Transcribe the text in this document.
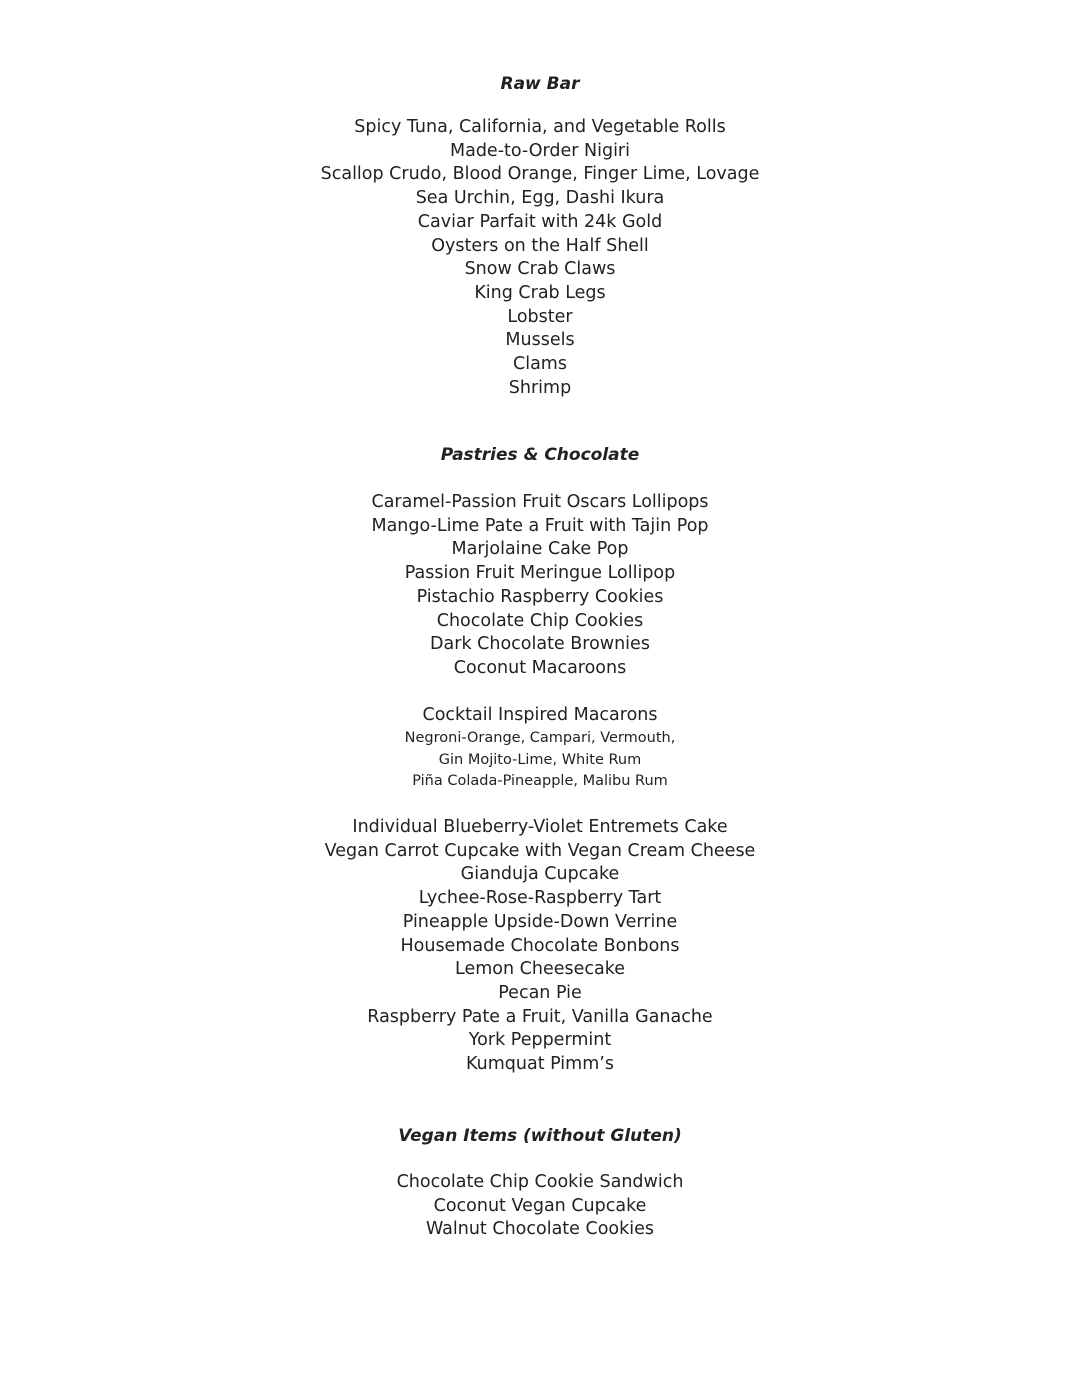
Raw Bar
Spicy Tuna, California, and Vegetable Rolls
Made-to-Order Nigiri
Scallop Crudo, Blood Orange, Finger Lime, Lovage
Sea Urchin, Egg, Dashi Ikura
Caviar Parfait with 24k Gold
Oysters on the Half Shell
Snow Crab Claws
King Crab Legs
Lobster
Mussels
Clams
Shrimp
Pastries & Chocolate
Caramel-Passion Fruit Oscars Lollipops
Mango-Lime Pate a Fruit with Tajin Pop
Marjolaine Cake Pop
Passion Fruit Meringue Lollipop
Pistachio Raspberry Cookies
Chocolate Chip Cookies
Dark Chocolate Brownies
Coconut Macaroons
Cocktail Inspired Macarons
Negroni-Orange, Campari, Vermouth,
Gin Mojito-Lime, White Rum
Piña Colada-Pineapple, Malibu Rum
Individual Blueberry-Violet Entremets Cake
Vegan Carrot Cupcake with Vegan Cream Cheese
Gianduja Cupcake
Lychee-Rose-Raspberry Tart
Pineapple Upside-Down Verrine
Housemade Chocolate Bonbons
Lemon Cheesecake
Pecan Pie
Raspberry Pate a Fruit, Vanilla Ganache
York Peppermint
Kumquat Pimm’s
Vegan Items (without Gluten)
Chocolate Chip Cookie Sandwich
Coconut Vegan Cupcake
Walnut Chocolate Cookies
